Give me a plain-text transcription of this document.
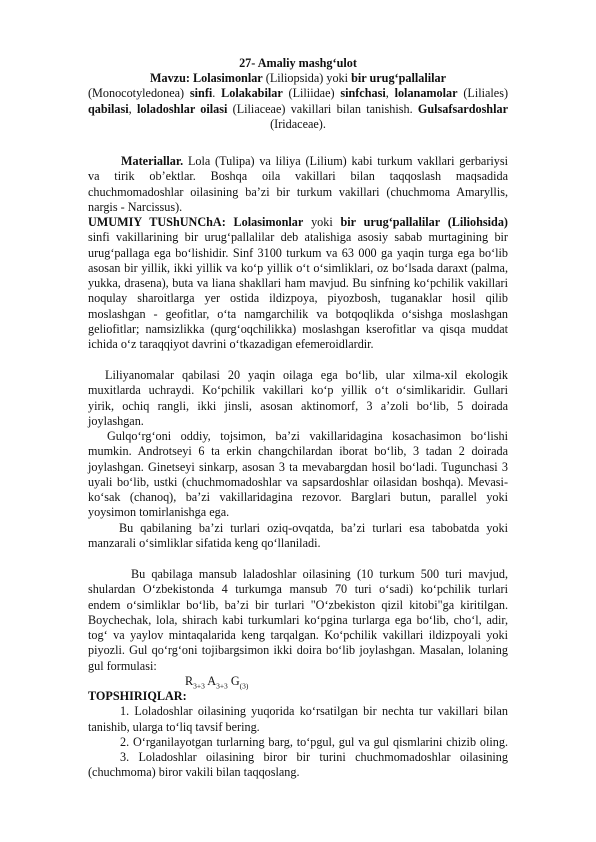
27- Amaliy mashg‘ulot
Mavzu: Lolasimonlar (Liliopsida) yoki bir urug‘pallalilar
(Monocotyledonea) sinfi. Lolakabilar (Liliidae) sinfchasi, lolanamolar (Liliales)
qabilasi, loladoshlar oilasi (Liliaceae) vakillari bilan tanishish. Gulsafsardoshlar
(Iridaceae).
Materiallar. Lola (Tulipa) va liliya (Lilium) kabi turkum vakllari gerbariysi
va tirik ob’ektlar. Boshqa oila vakillari bilan taqqoslash maqsadida
chuchmomadoshlar oilasining ba’zi bir turkum vakillari (chuchmoma Amaryllis,
nargis - Narcissus).
UMUMIY TUShUNChA: Lolasimonlar yoki bir urug‘pallalilar (Liliohsida)
sinfi vakillarining bir urug‘pallalilar deb atalishiga asosiy sabab murtagining bir
urug‘pallaga ega bo‘lishidir. Sinf 3100 turkum va 63 000 ga yaqin turga ega bo‘lib
asosan bir yillik, ikki yillik va ko‘p yillik o‘t o‘simliklari, oz bo‘lsada daraxt (palma,
yukka, drasena), buta va liana shakllari ham mavjud. Bu sinfning ko‘pchilik vakillari
noqulay sharoitlarga yer ostida ildizpoya, piyozbosh, tuganaklar hosil qilib
moslashgan - geofitlar, o‘ta namgarchilik va botqoqlikda o‘sishga moslashgan
geliofitlar; namsizlikka (qurg‘oqchilikka) moslashgan kserofitlar va qisqa muddat
ichida o‘z taraqqiyot davrini o‘tkazadigan efemeroidlardir.
Liliyanomalar qabilasi 20 yaqin oilaga ega bo‘lib, ular xilma-xil ekologik
muxitlarda uchraydi. Ko‘pchilik vakillari ko‘p yillik o‘t o‘simlikaridir. Gullari
yirik, ochiq rangli, ikki jinsli, asosan aktinomorf, 3 a’zoli bo‘lib, 5 doirada
joylashgan.
Gulqo‘rg‘oni oddiy, tojsimon, ba’zi vakillaridagina kosachasimon bo‘lishi
mumkin. Androtseyi 6 ta erkin changchilardan iborat bo‘lib, 3 tadan 2 doirada
joylashgan. Ginetseyi sinkarp, asosan 3 ta mevabargdan hosil bo‘ladi. Tugunchasi 3
uyali bo‘lib, ustki (chuchmomadoshlar va sapsardoshlar oilasidan boshqa). Mevasi-
ko‘sak (chanoq), ba’zi vakillaridagina rezovor. Barglari butun, parallel yoki
yoysimon tomirlanishga ega.
Bu qabilaning ba’zi turlari oziq-ovqatda, ba’zi turlari esa tabobatda yoki
manzarali o‘simliklar sifatida keng qo‘llaniladi.
Bu qabilaga mansub laladoshlar oilasining (10 turkum 500 turi mavjud,
shulardan O‘zbekistonda 4 turkumga mansub 70 turi o‘sadi) ko‘pchilik turlari
endem o‘simliklar bo‘lib, ba’zi bir turlari "O‘zbekiston qizil kitobi"ga kiritilgan.
Boychechak, lola, shirach kabi turkumlari ko‘pgina turlarga ega bo‘lib, cho‘l, adir,
tog‘ va yaylov mintaqalarida keng tarqalgan. Ko‘pchilik vakillari ildizpoyali yoki
piyozli. Gul qo‘rg‘oni tojibargsimon ikki doira bo‘lib joylashgan. Masalan, lolaning
gul formulasi:
$R_{3+3}$ $A_{3+3}$ $G_{(3)}$
TOPSHIRIQLAR:
1. Loladoshlar oilasining yuqorida ko‘rsatilgan bir nechta tur vakillari bilan
tanishib, ularga to‘liq tavsif bering.
2. O‘rganilayotgan turlarning barg, to‘pgul, gul va gul qismlarini chizib oling.
3. Loladoshlar oilasining biror bir turini chuchmomadoshlar oilasining
(chuchmoma) biror vakili bilan taqqoslang.
